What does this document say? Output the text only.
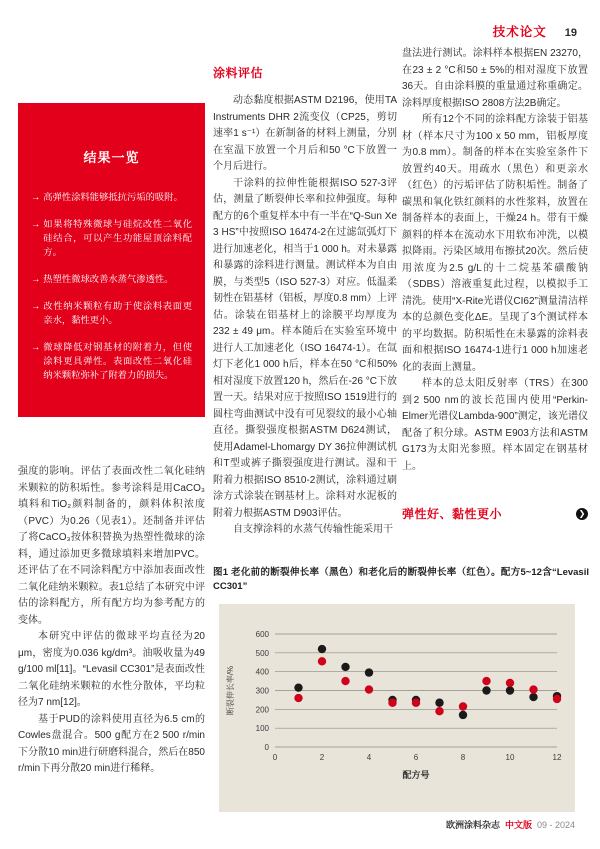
技术论文 19
结果一览
→ 高弹性涂料能够抵抗污垢的吸附。
→ 如果将特殊微球与硅烷改性二氧化硅结合，可以产生功能屋顶涂料配方。
→ 热塑性微球改善水蒸气渗透性。
→ 改性纳米颗粒有助于使涂料表面更亲水，黏性更小。
→ 微球降低对钢基材的附着力，但使涂料更具弹性。表面改性二氧化硅纳米颗粒弥补了附着力的损失。

强度的影响。评估了表面改性二氧化硅纳米颗粒的防积垢性。参考涂料是用CaCO₃填料和TiO₂颜料制备的，颜料体积浓度（PVC）为0.26（见表1）。还制备并评估了将CaCO₃按体积替换为热塑性微球的涂料，通过添加更多微球填料来增加PVC。还评估了在不同涂料配方中添加表面改性二氧化硅纳米颗粒。表1总结了本研究中评估的涂料配方，所有配方均为参考配方的变体。

本研究中评估的微球平均直径为20 μm，密度为0.036 kg/dm³。油吸收量为49 g/100 ml[11]。“Levasil CC301”是表面改性二氧化硅纳米颗粒的水性分散体，平均粒径为7 nm[12]。

基于PUD的涂料使用直径为6.5 cm的Cowles盘混合。500 g配方在2 500 r/min下分散10 min进行研磨料混合，然后在850 r/min下再分散20 min进行稀释。

涂料评估

动态黏度根据ASTM D2196，使用TA Instruments DHR 2流变仪（CP25，剪切速率1 s⁻¹）在新制备的材料上测量，分别在室温下放置一个月后和50 °C下放置一个月后进行。

干涂料的拉伸性能根据ISO 527-3评估，测量了断裂伸长率和拉伸强度。每种配方的6个重复样本中有一半在“Q-Sun Xe 3 HS”中按照ISO 16474-2在过滤氙弧灯下进行加速老化，相当于1 000 h。对未暴露和暴露的涂料进行测量。测试样本为自由膜，与类型5（ISO 527-3）对应。低温柔韧性在铝基材（铝板，厚度0.8 mm）上评估。涂装在铝基材上的涂膜平均厚度为232 ± 49 μm。样本随后在实验室环境中进行人工加速老化（ISO 16474-1）。在氙灯下老化1 000 h后，样本在50 °C和50%相对湿度下放置120 h，然后在-26 °C下放置一天。结果对应于按照ISO 1519进行的圆柱弯曲测试中没有可见裂纹的最小心轴直径。撕裂强度根据ASTM D624测试，使用Adamel-Lhomargy DY 36拉伸测试机和T型或裤子撕裂强度进行测试。湿和干附着力根据ISO 8510-2测试，涂料通过刷涂方式涂装在钢基材上。涂料对水泥板的附着力根据ASTM D903评估。

自支撑涂料的水蒸气传输性能采用干

盘法进行测试。涂料样本根据EN 23270，在23 ± 2 °C和50 ± 5%的相对湿度下放置36天。自由涂料膜的重量通过称重确定。涂料厚度根据ISO 2808方法2B确定。

所有12个不同的涂料配方涂装于铝基材（样本尺寸为100 x 50 mm，铝板厚度为0.8 mm）。制备的样本在实验室条件下放置约40天。用疏水（黑色）和更亲水（红色）的污垢评估了防积垢性。制备了碳黑和氧化铁红颜料的水性浆料，放置在制备样本的表面上，干燥24 h。带有干燥颜料的样本在流动水下用软布冲洗，以模拟降雨。污染区域用布擦拭20次。然后使用浓度为2.5 g/L的十二烷基苯磺酸钠（SDBS）溶液重复此过程，以模拟手工清洗。使用“X-Rite光谱仪CI62”测量清洁样本的总颜色变化ΔE。呈现了3个测试样本的平均数据。防积垢性在未暴露的涂料表面和根据ISO 16474-1进行1 000 h加速老化的表面上测量。

样本的总太阳反射率（TRS）在300到2 500 nm的波长范围内使用“Perkin-Elmer光谱仪Lambda-900”测定，该光谱仪配备了积分球。ASTM E903方法和ASTM G173为太阳光参照。样本固定在钢基材上。

弹性好、黏性更小	❯

图1 老化前的断裂伸长率（黑色）和老化后的断裂伸长率（红色）。配方5~12含“Levasil CC301”

0
100
200
300
400
500
600
0	2	4	6	8	10	12
断裂伸长率/%
配方号
欧洲涂料杂志 中文版 09 - 2024
